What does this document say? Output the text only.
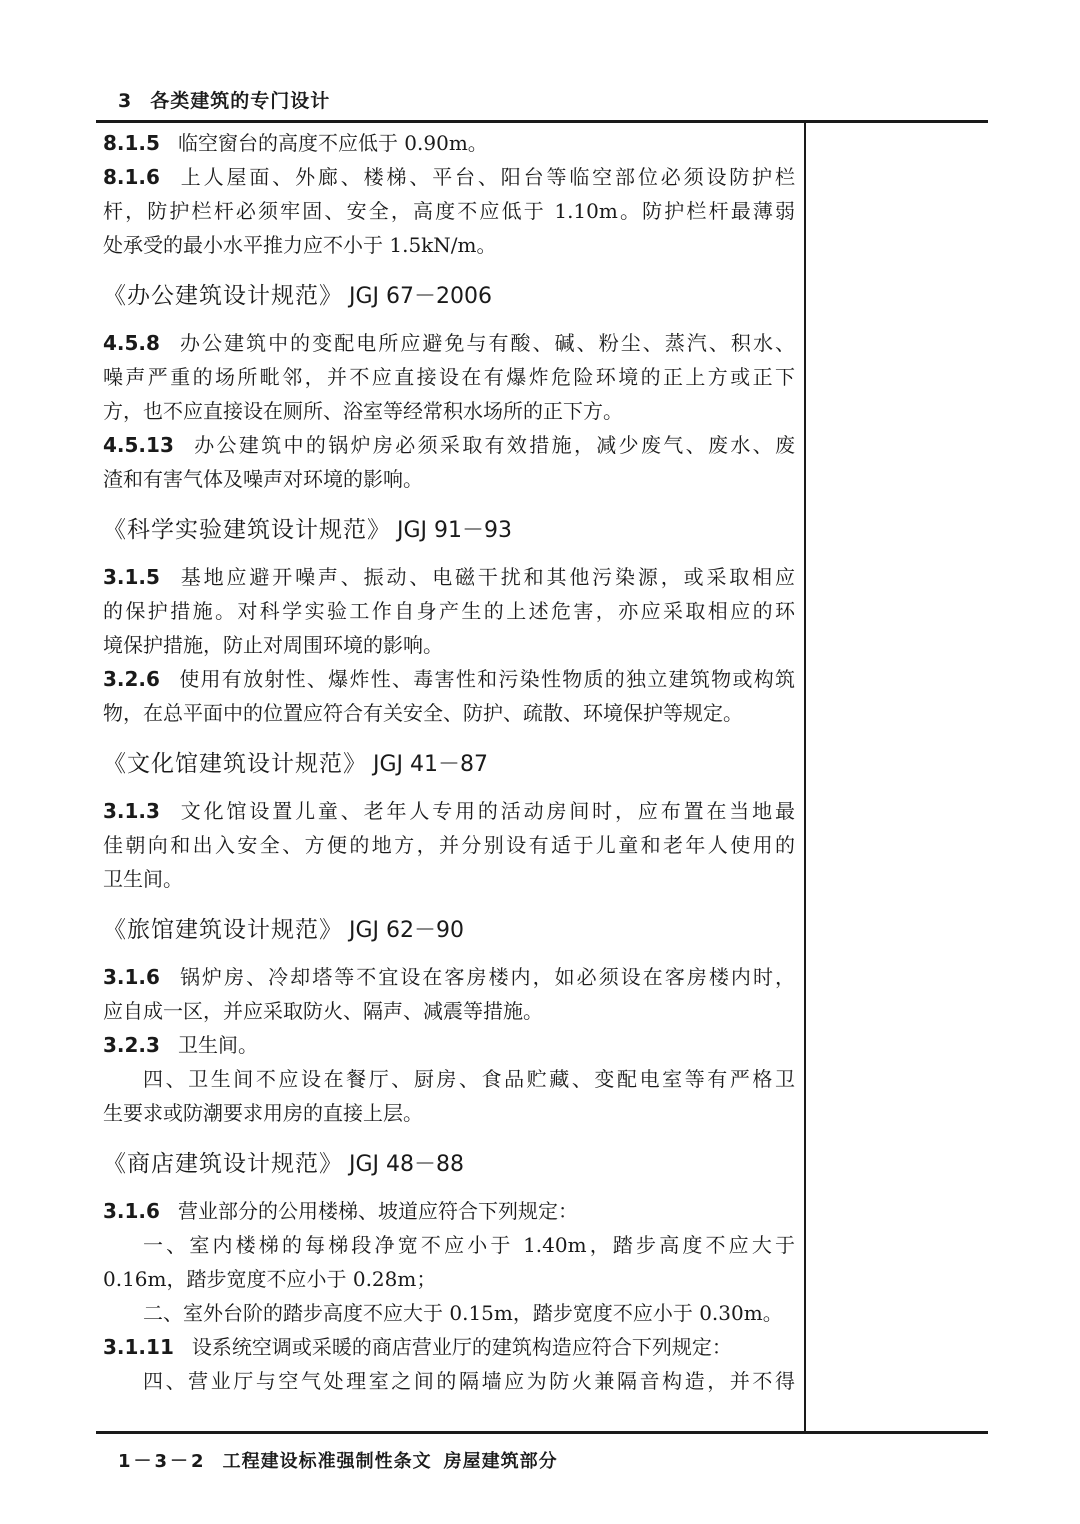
3 各类建筑的专门设计
8.1.5 临空窗台的高度不应低于 0.90m。
8.1.6 上人屋面、外廊、楼梯、平台、阳台等临空部位必须设防护栏
杆，防护栏杆必须牢固、安全，高度不应低于 1.10m。防护栏杆最薄弱
处承受的最小水平推力应不小于 1.5kN/m。
《办公建筑设计规范》 JGJ 67－2006
4.5.8 办公建筑中的变配电所应避免与有酸、碱、粉尘、蒸汽、积水、
噪声严重的场所毗邻，并不应直接设在有爆炸危险环境的正上方或正下
方，也不应直接设在厕所、浴室等经常积水场所的正下方。
4.5.13 办公建筑中的锅炉房必须采取有效措施，减少废气、废水、废
渣和有害气体及噪声对环境的影响。
《科学实验建筑设计规范》 JGJ 91－93
3.1.5 基地应避开噪声、振动、电磁干扰和其他污染源，或采取相应
的保护措施。对科学实验工作自身产生的上述危害，亦应采取相应的环
境保护措施，防止对周围环境的影响。
3.2.6 使用有放射性、爆炸性、毒害性和污染性物质的独立建筑物或构筑
物，在总平面中的位置应符合有关安全、防护、疏散、环境保护等规定。
《文化馆建筑设计规范》 JGJ 41－87
3.1.3 文化馆设置儿童、老年人专用的活动房间时，应布置在当地最
佳朝向和出入安全、方便的地方，并分别设有适于儿童和老年人使用的
卫生间。
《旅馆建筑设计规范》 JGJ 62－90
3.1.6 锅炉房、冷却塔等不宜设在客房楼内，如必须设在客房楼内时，
应自成一区，并应采取防火、隔声、减震等措施。
3.2.3 卫生间。
四、卫生间不应设在餐厅、厨房、食品贮藏、变配电室等有严格卫
生要求或防潮要求用房的直接上层。
《商店建筑设计规范》 JGJ 48－88
3.1.6 营业部分的公用楼梯、坡道应符合下列规定：
一、室内楼梯的每梯段净宽不应小于 1.40m，踏步高度不应大于
0.16m，踏步宽度不应小于 0.28m；
二、室外台阶的踏步高度不应大于 0.15m，踏步宽度不应小于 0.30m。
3.1.11 设系统空调或采暖的商店营业厅的建筑构造应符合下列规定：
四、营业厅与空气处理室之间的隔墙应为防火兼隔音构造，并不得
1－3－2 工程建设标准强制性条文 房屋建筑部分
